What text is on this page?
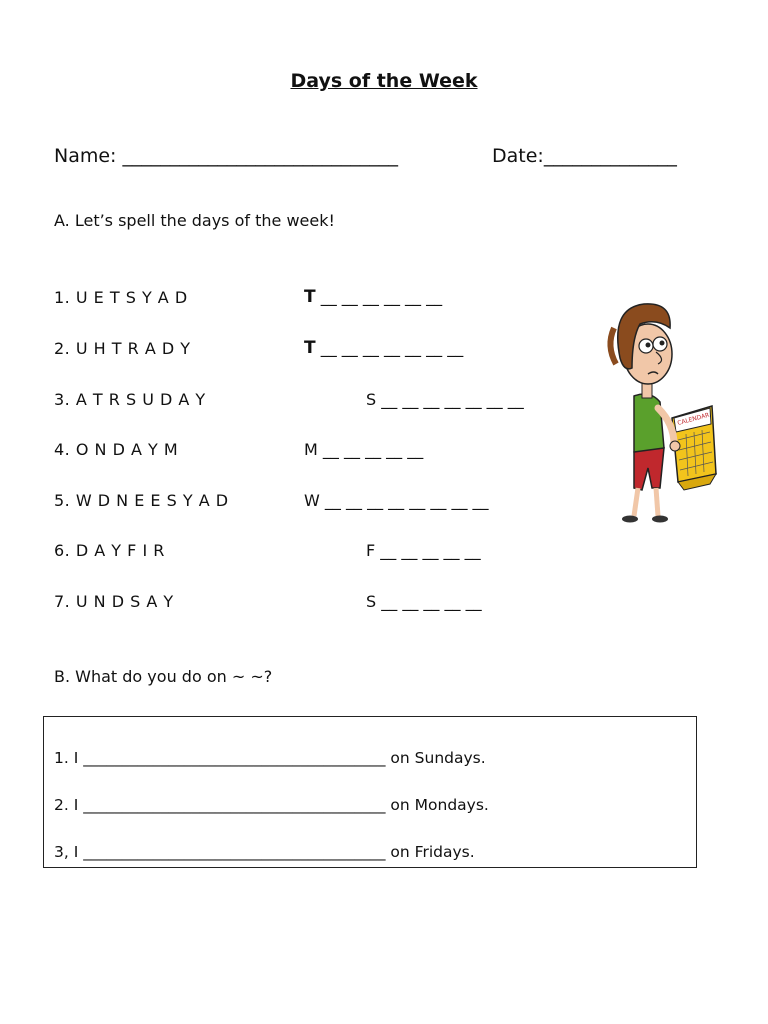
Days of the Week
Name: _____________________________	Date:______________
A. Let’s spell the days of the week!
1. U E T S Y A D	T __ __ __ __ __ __
2. U H T R A D Y	T __ __ __ __ __ __ __
3. A T R S U D A Y	S __ __ __ __ __ __ __
4. O N D A Y M	M __ __ __ __ __
5. W D N E E S Y A D	W __ __ __ __ __ __ __ __
6. D A Y F I R	F __ __ __ __ __
7. U N D S A Y	S __ __ __ __ __
CALENDAR
B. What do you do on ~ ~?
1. I _______________________________________ on Sundays.
2. I _______________________________________ on Mondays.
3, I _______________________________________ on Fridays.
